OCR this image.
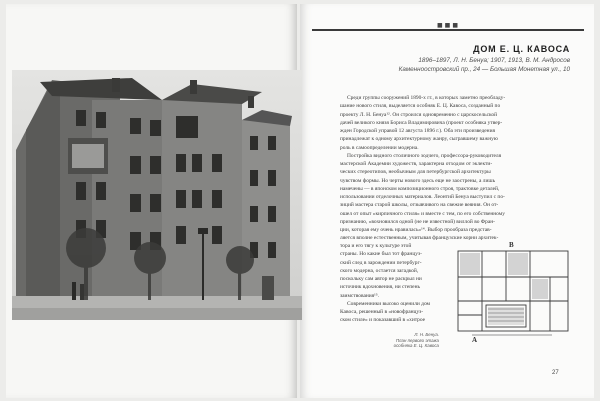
■■■
ДОМ Е. Ц. КАВОСА
1896–1897, Л. Н. Бенуа; 1907, 1913, В. М. Андросов
Каменноостровский пр., 24 — Большая Монетная ул., 10
Среди группы сооружений 1890-х гг., в которых заметно преобладу-
шание нового стиля, выделяется особняк Е. Ц. Кавоса, созданный по
проекту Л. Н. Бенуа¹². Он строился одновременно с царскосельской
дачей великого князя Бориса Владимировича (проект особняка утвер-
жден Городской управой 12 августа 1896 г.). Оба эти произведения
принадлежат к одному архитектурному жанру, сыгравшему важную
роль в самоопределении модерна.
Постройка видного столичного зодчего, профессора-руководителя
мастерской Академии художеств, характерна отходом от эклекти-
ческих стереотипов, необычным для петербургской архитектуры
чувством формы. Но черты нового здесь еще не заострены, а лишь
намечены — в японском композиционного строя, трактовке деталей,
использовании отделочных материалов. Леонтий Бенуа выступил с по-
зиций мастера старой школы, отзывчивого на свежие веяния. Он от-
ошел от опыт «кирпичного стиля» и вместе с тем, по его собственному
признанию, «вохновился одной (не не известной) виллой во Фран-
ции, которая ему очень нравилась»¹⁴. Выбор прообраза представ-
ляется вполне естественным, учитывая французские корни архитек-
тора и его тягу к культуре этой
страны. Но какие был тот француз-
ский след в зарождении петербург-
ского модерна, остается загадкой,
поскольку сам автор не раскрыл ни
источник вдохновения, ни степень
заимствования¹⁵.
Современники высоко оценили дом
Кавоса, решенный в «новофранцуз-
ском стиле» и показавший в «хитрое
Л. Н. Бенуа.
План первого этажа
особняка Е. Ц. Кавоса
В
А
27
